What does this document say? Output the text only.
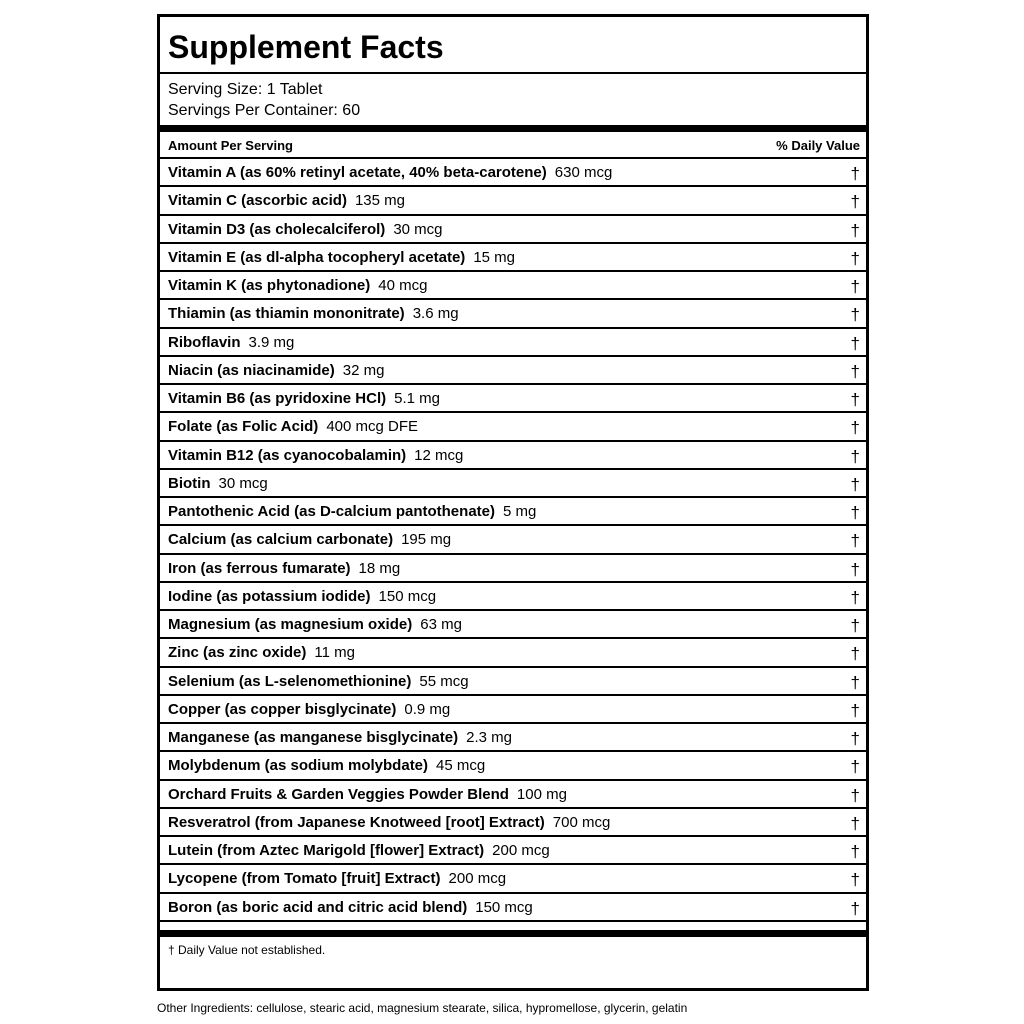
Supplement Facts
Serving Size: 1 Tablet
Servings Per Container: 60
Amount Per Serving	% Daily Value
Vitamin A (as 60% retinyl acetate, 40% beta-carotene) 630 mcg	†
Vitamin C (ascorbic acid) 135 mg	†
Vitamin D3 (as cholecalciferol) 30 mcg	†
Vitamin E (as dl-alpha tocopheryl acetate) 15 mg	†
Vitamin K (as phytonadione) 40 mcg	†
Thiamin (as thiamin mononitrate) 3.6 mg	†
Riboflavin 3.9 mg	†
Niacin (as niacinamide) 32 mg	†
Vitamin B6 (as pyridoxine HCl) 5.1 mg	†
Folate (as Folic Acid) 400 mcg DFE	†
Vitamin B12 (as cyanocobalamin) 12 mcg	†
Biotin 30 mcg	†
Pantothenic Acid (as D-calcium pantothenate) 5 mg	†
Calcium (as calcium carbonate) 195 mg	†
Iron (as ferrous fumarate) 18 mg	†
Iodine (as potassium iodide) 150 mcg	†
Magnesium (as magnesium oxide) 63 mg	†
Zinc (as zinc oxide) 11 mg	†
Selenium (as L-selenomethionine) 55 mcg	†
Copper (as copper bisglycinate) 0.9 mg	†
Manganese (as manganese bisglycinate) 2.3 mg	†
Molybdenum (as sodium molybdate) 45 mcg	†
Orchard Fruits & Garden Veggies Powder Blend 100 mg	†
Resveratrol (from Japanese Knotweed [root] Extract) 700 mcg	†
Lutein (from Aztec Marigold [flower] Extract) 200 mcg	†
Lycopene (from Tomato [fruit] Extract) 200 mcg	†
Boron (as boric acid and citric acid blend) 150 mcg	†
† Daily Value not established.
Other Ingredients: cellulose, stearic acid, magnesium stearate, silica, hypromellose, glycerin, gelatin
